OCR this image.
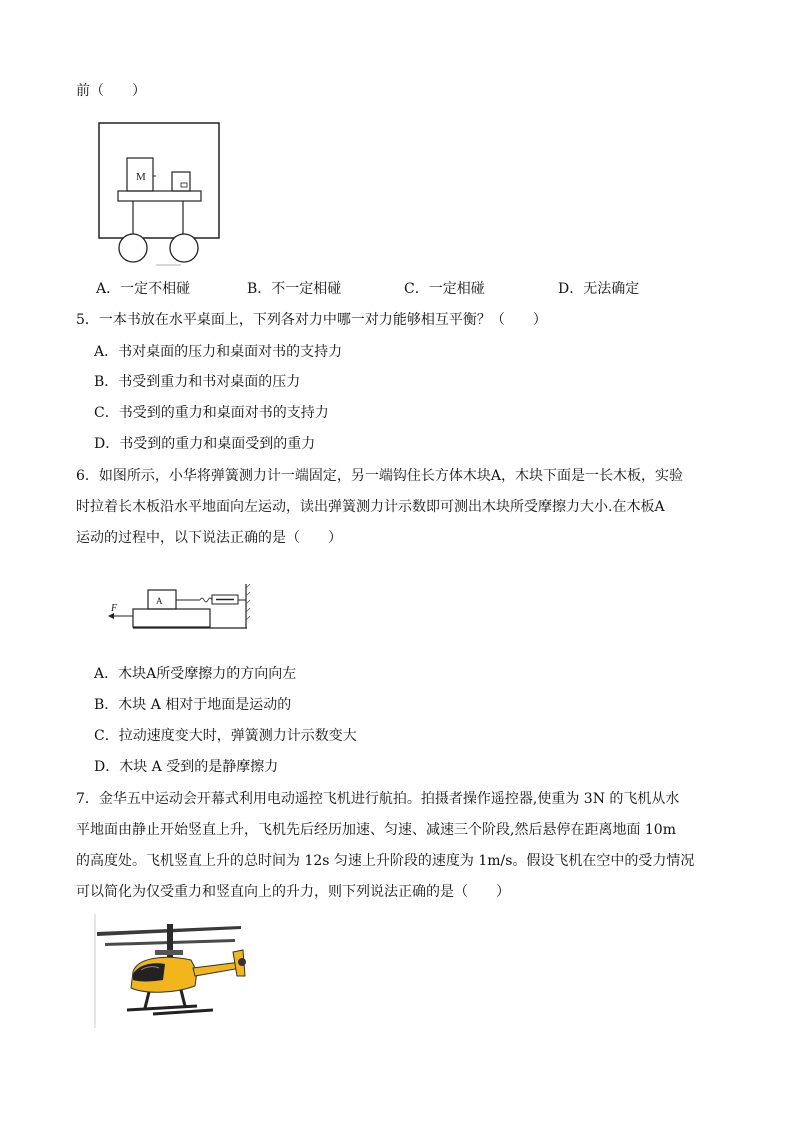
前（　　）
M
A．一定不相碰	B．不一定相碰	C．一定相碰	D．无法确定
5．一本书放在水平桌面上，下列各对力中哪一对力能够相互平衡？（　　）
A．书对桌面的压力和桌面对书的支持力
B．书受到重力和书对桌面的压力
C．书受到的重力和桌面对书的支持力
D．书受到的重力和桌面受到的重力
6．如图所示，小华将弹簧测力计一端固定，另一端钩住长方体木块A，木块下面是一长木板，实验
时拉着长木板沿水平地面向左运动，读出弹簧测力计示数即可测出木块所受摩擦力大小.在木板A
运动的过程中，以下说法正确的是（　　）
A
F
A．木块A所受摩擦力的方向向左
B．木块 A 相对于地面是运动的
C．拉动速度变大时，弹簧测力计示数变大
D．木块 A 受到的是静摩擦力
7．金华五中运动会开幕式利用电动遥控飞机进行航拍。拍摄者操作遥控器,使重为 3N 的飞机从水
平地面由静止开始竖直上升，飞机先后经历加速、匀速、减速三个阶段,然后悬停在距离地面 10m
的高度处。飞机竖直上升的总时间为 12s 匀速上升阶段的速度为 1m/s。假设飞机在空中的受力情况
可以简化为仅受重力和竖直向上的升力，则下列说法正确的是（　　）
